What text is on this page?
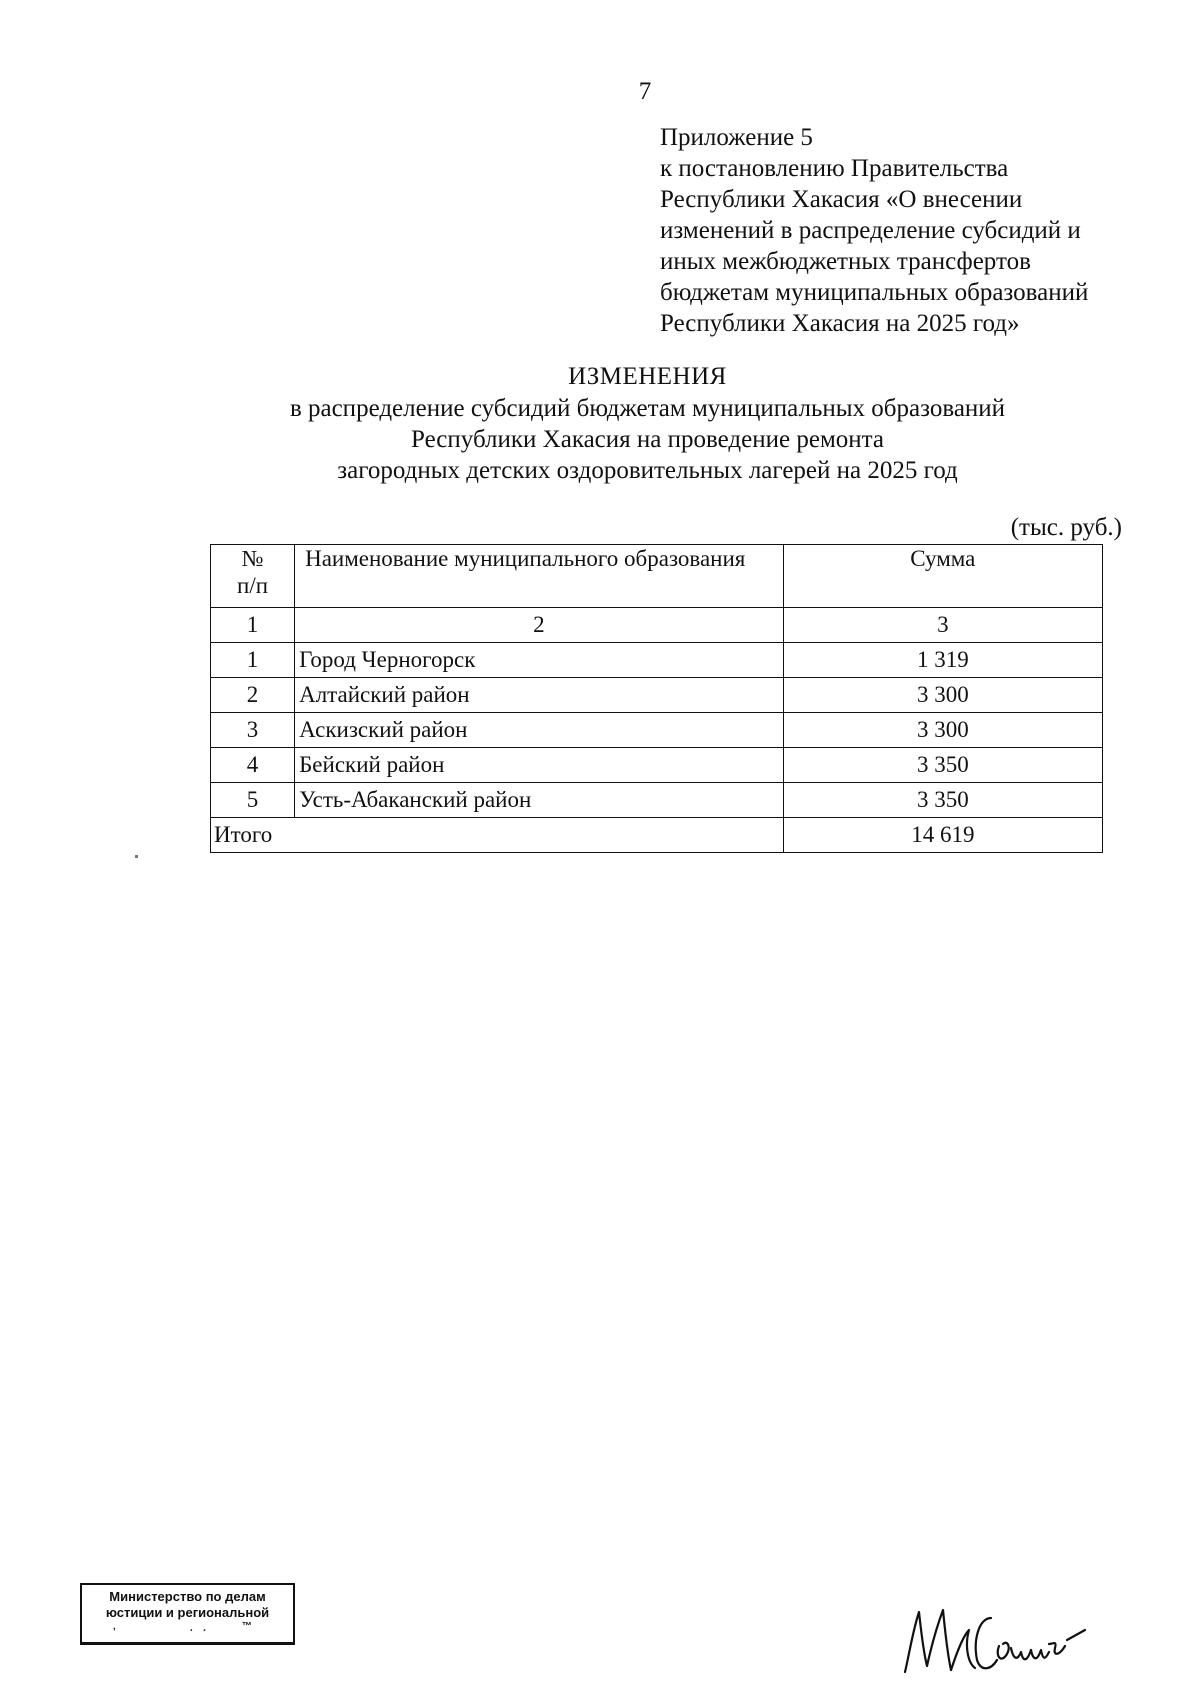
7
Приложение 5
к постановлению Правительства
Республики Хакасия «О внесении
изменений в распределение субсидий и
иных межбюджетных трансфертов
бюджетам муниципальных образований
Республики Хакасия на 2025 год»
ИЗМЕНЕНИЯ
в распределение субсидий бюджетам муниципальных образований
Республики Хакасия на проведение ремонта
загородных детских оздоровительных лагерей на 2025 год
(тыс. руб.)
№
п/п	Наименование муниципального образования	Сумма
1	2	3
1	Город Черногорск	1 319
2	Алтайский район	3 300
3	Аскизский район	3 300
4	Бейский район	3 350
5	Усть-Абаканский район	3 350
Итого		14 619
Министерство по делам
юстиции и региональной
‚     ¸¸  ™
